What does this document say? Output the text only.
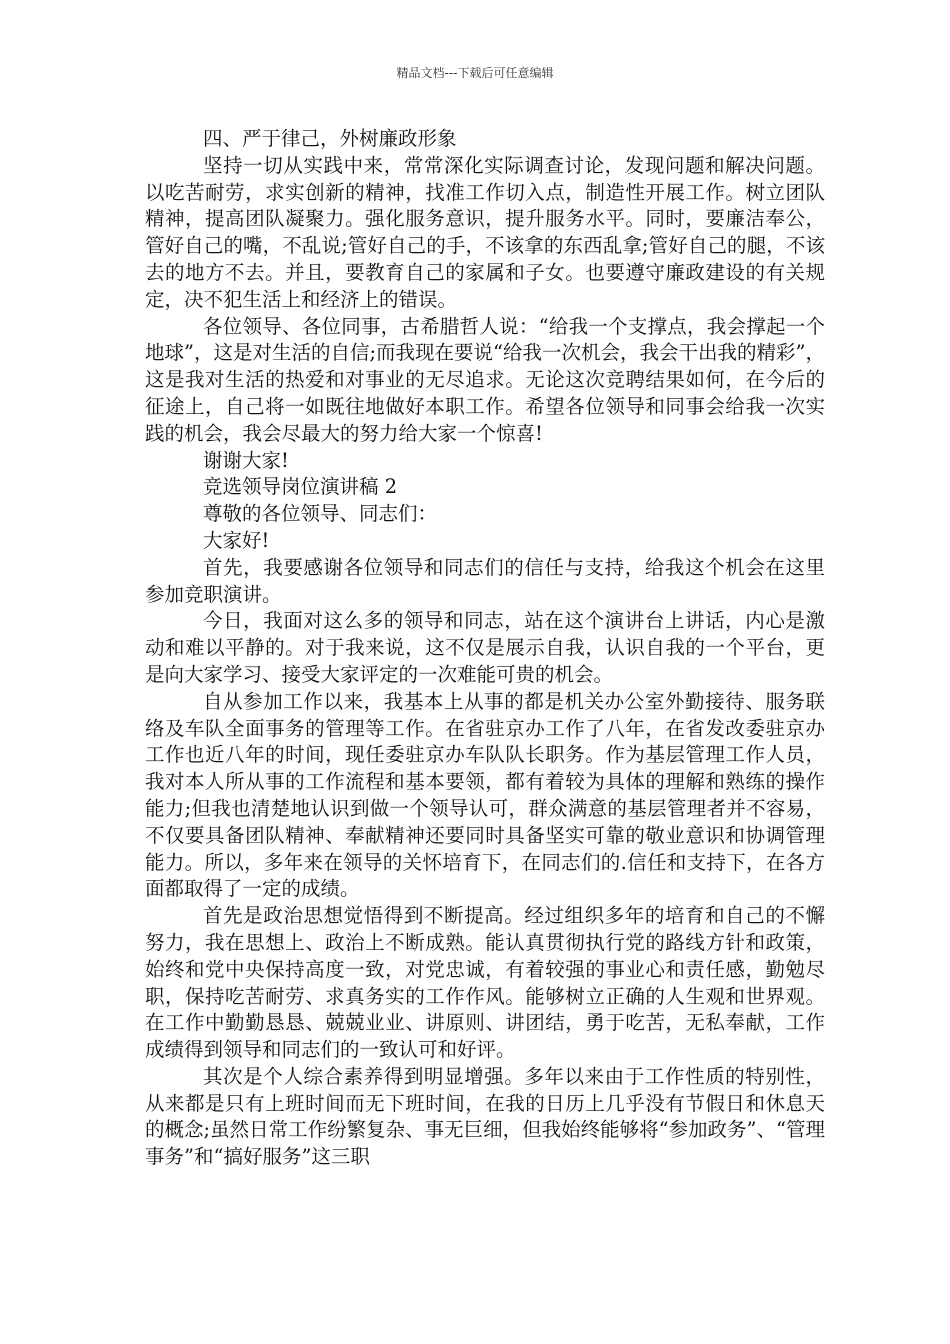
精品文档---下载后可任意编辑

四、严于律己，外树廉政形象

坚持一切从实践中来，常常深化实际调查讨论，发现问题和解决问题。以吃苦耐劳，求实创新的精神，找准工作切入点，制造性开展工作。树立团队精神，提高团队凝聚力。强化服务意识，提升服务水平。同时，要廉洁奉公，管好自己的嘴，不乱说;管好自己的手，不该拿的东西乱拿;管好自己的腿，不该去的地方不去。并且，要教育自己的家属和子女。也要遵守廉政建设的有关规定，决不犯生活上和经济上的错误。

各位领导、各位同事，古希腊哲人说：“给我一个支撑点，我会撑起一个地球”，这是对生活的自信;而我现在要说“给我一次机会，我会干出我的精彩”，这是我对生活的热爱和对事业的无尽追求。无论这次竞聘结果如何，在今后的征途上，自己将一如既往地做好本职工作。希望各位领导和同事会给我一次实践的机会，我会尽最大的努力给大家一个惊喜!

谢谢大家!

竞选领导岗位演讲稿 2

尊敬的各位领导、同志们：

大家好!

首先，我要感谢各位领导和同志们的信任与支持，给我这个机会在这里参加竞职演讲。

今日，我面对这么多的领导和同志，站在这个演讲台上讲话，内心是激动和难以平静的。对于我来说，这不仅是展示自我，认识自我的一个平台，更是向大家学习、接受大家评定的一次难能可贵的机会。

自从参加工作以来，我基本上从事的都是机关办公室外勤接待、服务联络及车队全面事务的管理等工作。在省驻京办工作了八年，在省发改委驻京办工作也近八年的时间，现任委驻京办车队队长职务。作为基层管理工作人员，我对本人所从事的工作流程和基本要领，都有着较为具体的理解和熟练的操作能力;但我也清楚地认识到做一个领导认可，群众满意的基层管理者并不容易，不仅要具备团队精神、奉献精神还要同时具备坚实可靠的敬业意识和协调管理能力。所以，多年来在领导的关怀培育下，在同志们的.信任和支持下，在各方面都取得了一定的成绩。

首先是政治思想觉悟得到不断提高。经过组织多年的培育和自己的不懈努力，我在思想上、政治上不断成熟。能认真贯彻执行党的路线方针和政策，始终和党中央保持高度一致，对党忠诚，有着较强的事业心和责任感，勤勉尽职，保持吃苦耐劳、求真务实的工作作风。能够树立正确的人生观和世界观。在工作中勤勤恳恳、兢兢业业、讲原则、讲团结，勇于吃苦，无私奉献，工作成绩得到领导和同志们的一致认可和好评。

其次是个人综合素养得到明显增强。多年以来由于工作性质的特别性，从来都是只有上班时间而无下班时间，在我的日历上几乎没有节假日和休息天的概念;虽然日常工作纷繁复杂、事无巨细，但我始终能够将“参加政务”、“管理事务”和“搞好服务”这三职
